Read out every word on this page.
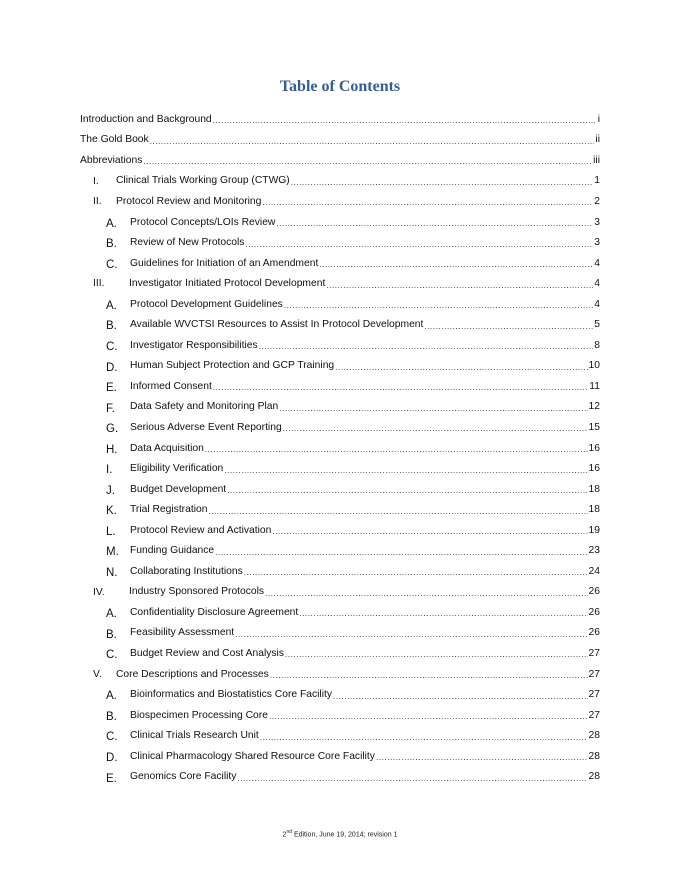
Table of Contents
Introduction and Background .....	i
The Gold Book .....	ii
Abbreviations .....	iii
I. Clinical Trials Working Group (CTWG) .....	1
II. Protocol Review and Monitoring .....	2
A. Protocol Concepts/LOIs Review .....	3
B. Review of New Protocols .....	3
C. Guidelines for Initiation of an Amendment .....	4
III. Investigator Initiated Protocol Development .....	4
A. Protocol Development Guidelines .....	4
B. Available WVCTSI Resources to Assist In Protocol Development .....	5
C. Investigator Responsibilities .....	8
D. Human Subject Protection and GCP Training .....	10
E. Informed Consent .....	11
F. Data Safety and Monitoring Plan .....	12
G. Serious Adverse Event Reporting .....	15
H. Data Acquisition .....	16
I. Eligibility Verification .....	16
J. Budget Development .....	18
K. Trial Registration .....	18
L. Protocol Review and Activation .....	19
M. Funding Guidance .....	23
N. Collaborating Institutions .....	24
IV. Industry Sponsored Protocols .....	26
A. Confidentiality Disclosure Agreement .....	26
B. Feasibility Assessment .....	26
C. Budget Review and Cost Analysis .....	27
V. Core Descriptions and Processes .....	27
A. Bioinformatics and Biostatistics Core Facility .....	27
B. Biospecimen Processing Core .....	27
C. Clinical Trials Research Unit .....	28
D. Clinical Pharmacology Shared Resource Core Facility .....	28
E. Genomics Core Facility .....	28
2nd Edition, June 19, 2014; revision 1
